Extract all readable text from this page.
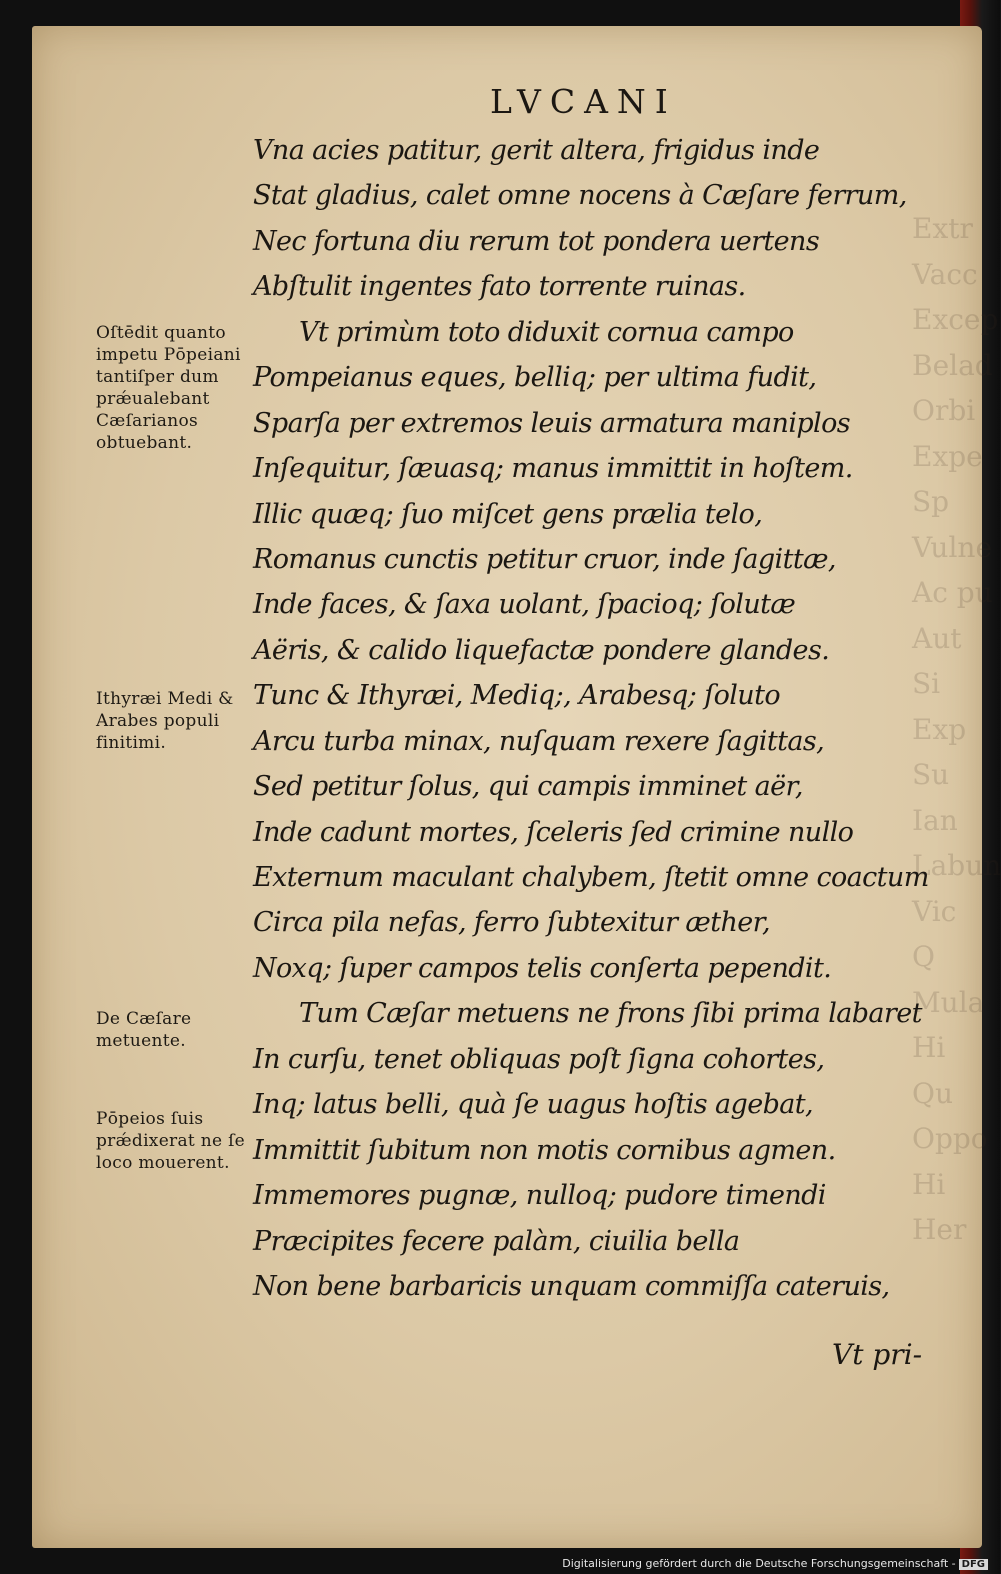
Extr
Vacc
Excep
Belad
Orbi
Expe
Sp
Vulne
Ac pu
Aut
Si
Exp
Su
Ian
Labun
Vic
Q
Mula
Hi
Qu
Oppo
Hi
Her
LVCANI
Vna acies patitur, gerit altera, frigidus inde
Stat gladius, calet omne nocens à Cæſare ferrum,
Nec fortuna diu rerum tot pondera uertens
Abſtulit ingentes fato torrente ruinas.
Vt primùm toto diduxit cornua campo
Pompeianus eques, belliq; per ultima fudit,
Sparſa per extremos leuis armatura maniplos
Inſequitur, ſæuasq; manus immittit in hoſtem.
Illic quæq; ſuo miſcet gens prælia telo,
Romanus cunctis petitur cruor, inde ſagittæ,
Inde faces, & ſaxa uolant, ſpacioq; ſolutæ
Aëris, & calido liquefactæ pondere glandes.
Tunc & Ithyræi, Mediq;, Arabesq; ſoluto
Arcu turba minax, nuſquam rexere ſagittas,
Sed petitur ſolus, qui campis imminet aër,
Inde cadunt mortes, ſceleris ſed crimine nullo
Externum maculant chalybem, ſtetit omne coactum
Circa pila nefas, ferro ſubtexitur æther,
Noxq; ſuper campos telis conſerta pependit.
Tum Cæſar metuens ne frons ſibi prima labaret
In curſu, tenet obliquas poſt ſigna cohortes,
Inq; latus belli, quà ſe uagus hoſtis agebat,
Immittit ſubitum non motis cornibus agmen.
Immemores pugnæ, nulloq; pudore timendi
Præcipites fecere palàm, ciuilia bella
Non bene barbaricis unquam commiſſa cateruis,
Oſtēdit quanto impetu Pōpeiani tantiſper dum prǽualebant Cæſarianos obtuebant.
Ithyræi Medi & Arabes populi finitimi.
De Cæſare metuente.
Pōpeios ſuis prǽdixerat ne ſe loco mouerent.
Vt pri-
Digitalisierung gefördert durch die Deutsche Forschungsgemeinschaft - DFG
